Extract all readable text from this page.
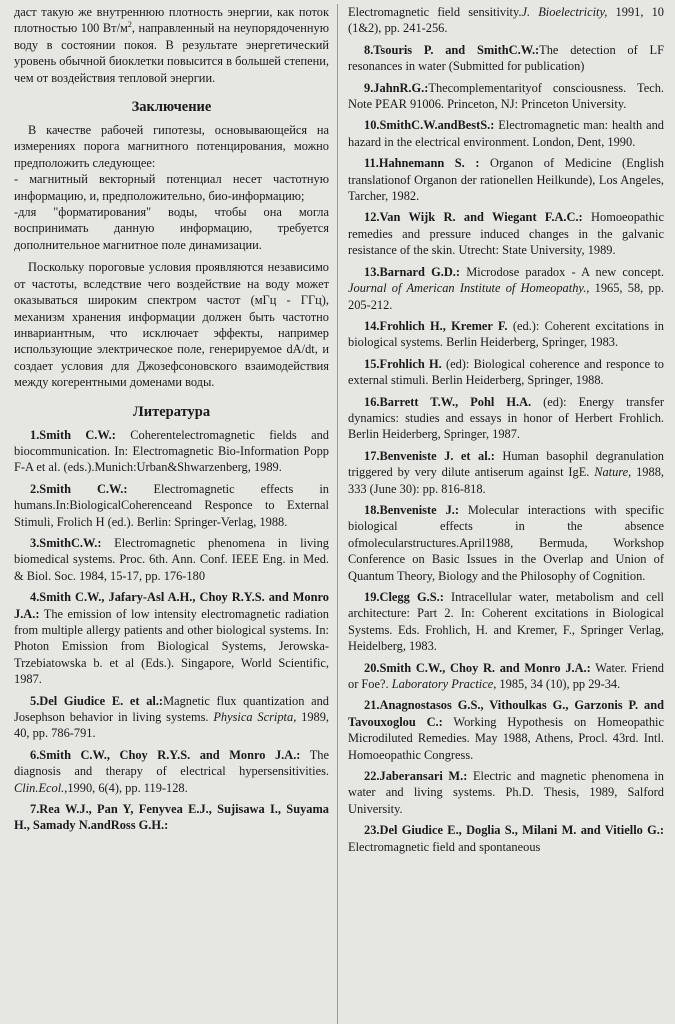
даст такую же внутреннюю плотность энергии, как поток плотностью 100 $Вт/м^2$, направленный на неупорядоченную воду в состоянии покоя. В результате энергетический уровень обычной биоклетки повысится в большей степени, чем от воздействия тепловой энергии.

Заключение

В качестве рабочей гипотезы, основывающейся на измерениях порога магнитного потенцирования, можно предположить следующее:

- магнитный векторный потенциал несет частотную информацию, и, предположительно, био-информацию;

-для "форматирования" воды, чтобы она могла воспринимать данную информацию, требуется дополнительное магнитное поле динамизации.

Поскольку пороговые условия проявляются независимо от частоты, вследствие чего воздействие на воду может оказываться широким спектром частот (мГц - ГГц), механизм хранения информации должен быть частотно инвариантным, что исключает эффекты, например использующие электрическое поле, генерируемое dA/dt, и создает условия для Джозефсоновского взаимодействия между когерентными доменами воды.

Литература

1.Smith C.W.: Coherentelectromagnetic fields and biocommunication. In: Electromagnetic Bio-Information Popp F-A et al. (eds.).Munich:Urban&Shwarzenberg, 1989.

2.Smith C.W.: Electromagnetic effects in humans.In:BiologicalCoherenceand Responce to External Stimuli, Frolich H (ed.). Berlin: Springer-Verlag, 1988.

3.SmithC.W.: Electromagnetic phenomena in living biomedical systems. Proc. 6th. Ann. Conf. IEEE Eng. in Med. & Biol. Soc. 1984, 15-17, pp. 176-180

4.Smith C.W., Jafary-Asl A.H., Choy R.Y.S. and Monro J.A.: The emission of low intensity electromagnetic radiation from multiple allergy patients and other biological systems. In: Photon Emission from Biological Systems, Jerowska-Trzebiatowska b. et al (Eds.). Singapore, World Scientific, 1987.

5.Del Giudice E. et al.:Magnetic flux quantization and Josephson behavior in living systems. Physica Scripta, 1989, 40, pp. 786-791.

6.Smith C.W., Choy R.Y.S. and Monro J.A.: The diagnosis and therapy of electrical hypersensitivities. Clin.Ecol.,1990, 6(4), pp. 119-128.

7.Rea W.J., Pan Y, Fenyvea E.J., Sujisawa I., Suyama H., Samady N.andRoss G.H.:

Electromagnetic field sensitivity.J. Bioelectricity, 1991, 10 (1&2), pp. 241-256.

8.Tsouris P. and SmithC.W.:The detection of LF resonances in water (Submitted for publication)

9.JahnR.G.:Thecomplementarityof consciousness. Tech. Note PEAR 91006. Princeton, NJ: Princeton University.

10.SmithC.W.andBestS.: Electromagnetic man: health and hazard in the electrical environment. London, Dent, 1990.

11.Hahnemann S. : Organon of Medicine (English translationof Organon der rationellen Heilkunde), Los Angeles, Tarcher, 1982.

12.Van Wijk R. and Wiegant F.A.C.: Homoeopathic remedies and pressure induced changes in the galvanic resistance of the skin. Utrecht: State University, 1989.

13.Barnard G.D.: Microdose paradox - A new concept. Journal of American Institute of Homeopathy., 1965, 58, pp. 205-212.

14.Frohlich H., Kremer F. (ed.): Coherent excitations in biological systems. Berlin Heiderberg, Springer, 1983.

15.Frohlich H. (ed): Biological coherence and responce to external stimuli. Berlin Heiderberg, Springer, 1988.

16.Barrett T.W., Pohl H.A. (ed): Energy transfer dynamics: studies and essays in honor of Herbert Frohlich. Berlin Heiderberg, Springer, 1987.

17.Benveniste J. et al.: Human basophil degranulation triggered by very dilute antiserum against IgE. Nature, 1988, 333 (June 30): pp. 816-818.

18.Benveniste J.: Molecular interactions with specific biological effects in the absence ofmolecularstructures.April1988, Bermuda, Workshop Conference on Basic Issues in the Overlap and Union of Quantum Theory, Biology and the Philosophy of Cognition.

19.Clegg G.S.: Intracellular water, metabolism and cell architecture: Part 2. In: Coherent excitations in Biological Systems. Eds. Frohlich, H. and Kremer, F., Springer Verlag, Heidelberg, 1983.

20.Smith C.W., Choy R. and Monro J.A.: Water. Friend or Foe?. Laboratory Practice, 1985, 34 (10), pp 29-34.

21.Anagnostasos G.S., Vithoulkas G., Garzonis P. and Tavouxoglou C.: Working Hypothesis on Homeopathic Microdiluted Remedies. May 1988, Athens, Procl. 43rd. Intl. Homoeopathic Congress.

22.Jaberansari M.: Electric and magnetic phenomena in water and living systems. Ph.D. Thesis, 1989, Salford University.

23.Del Giudice E., Doglia S., Milani M. and Vitiello G.: Electromagnetic field and spontaneous
